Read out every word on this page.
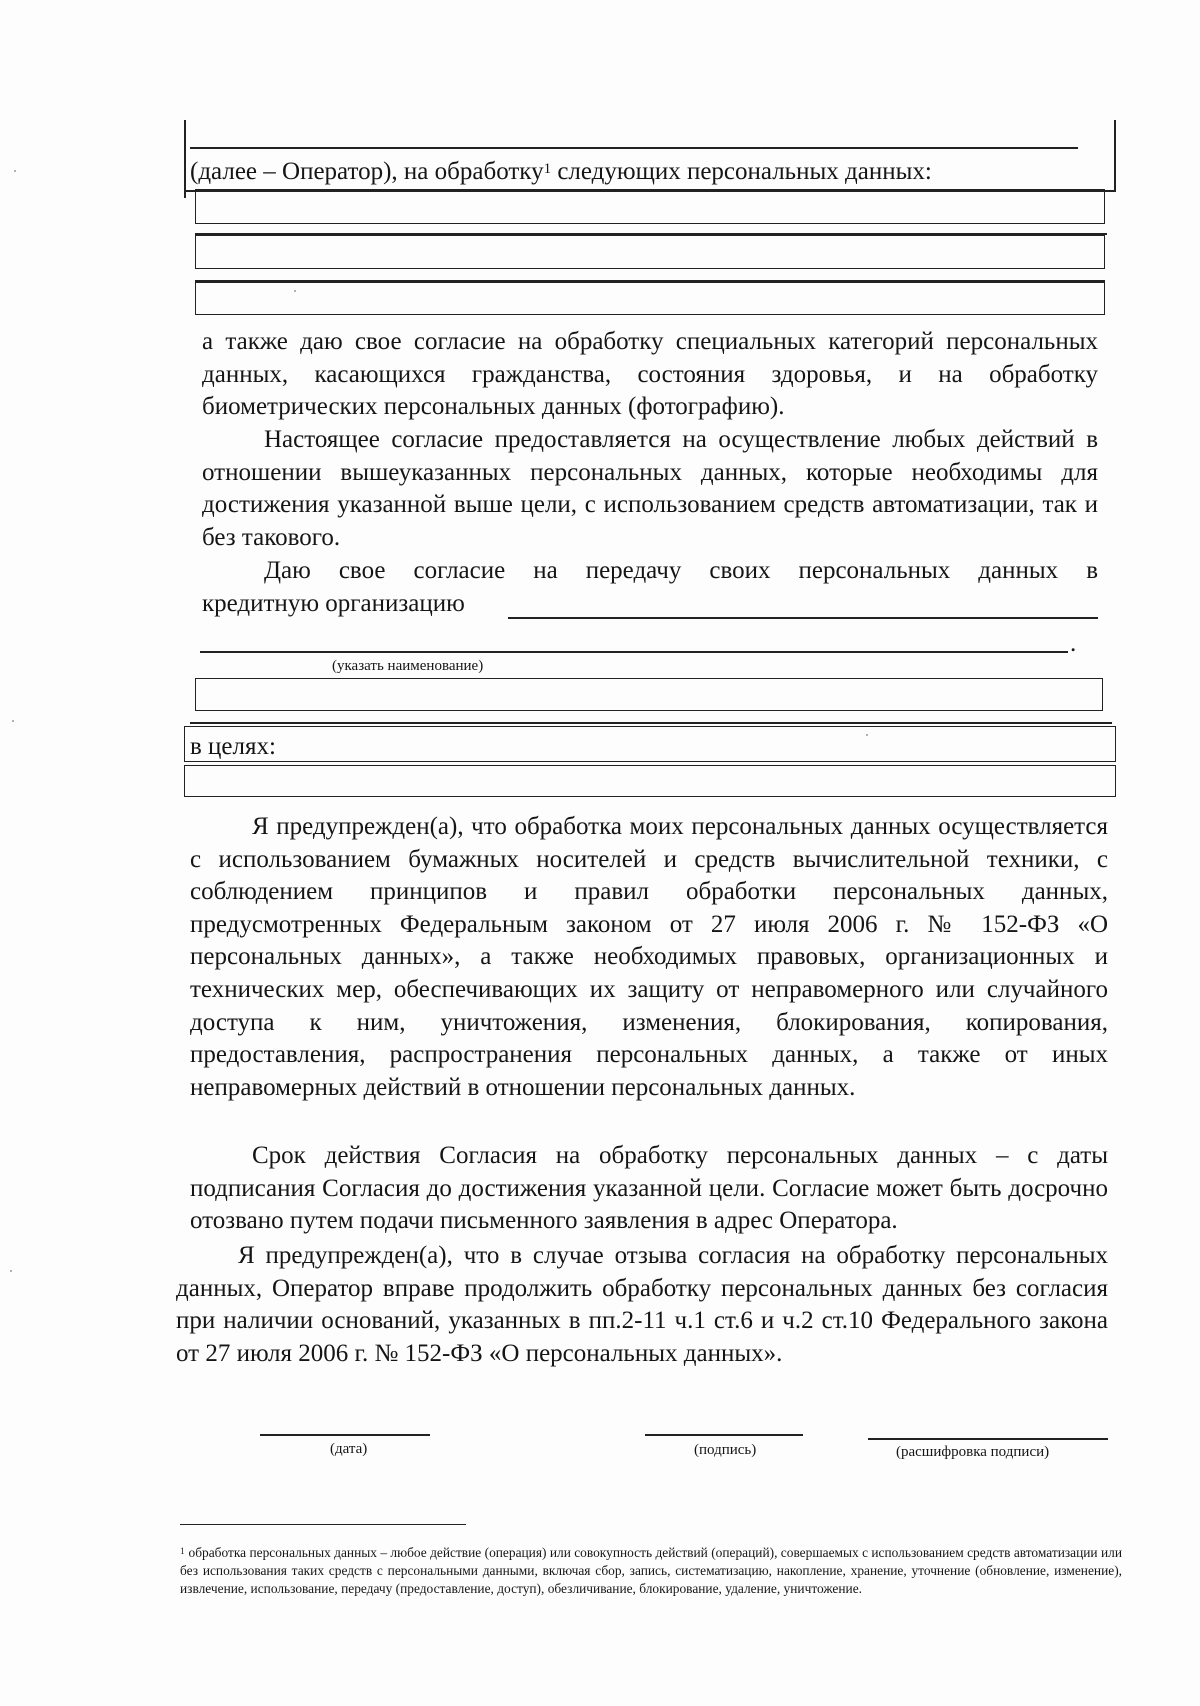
(далее – Оператор), на обработку$^1$ следующих персональных данных:
а также даю свое согласие на обработку специальных категорий персональных данных, касающихся гражданства, состояния здоровья, и на обработку биометрических персональных данных (фотографию).
Настоящее согласие предоставляется на осуществление любых действий в отношении вышеуказанных персональных данных, которые необходимы для достижения указанной выше цели, с использованием средств автоматизации, так и без такового.
Даю свое согласие на передачу своих персональных данных в
кредитную организацию
.
(указать наименование)
в целях:
Я предупрежден(а), что обработка моих персональных данных осуществляется с использованием бумажных носителей и средств вычислительной техники, с соблюдением принципов и правил обработки персональных данных, предусмотренных Федеральным законом от 27 июля 2006 г. № 152-ФЗ «О персональных данных», а также необходимых правовых, организационных и технических мер, обеспечивающих их защиту от неправомерного или случайного доступа к ним, уничтожения, изменения, блокирования, копирования, предоставления, распространения персональных данных, а также от иных неправомерных действий в отношении персональных данных.
Срок действия Согласия на обработку персональных данных – с даты подписания Согласия до достижения указанной цели. Согласие может быть досрочно отозвано путем подачи письменного заявления в адрес Оператора.
Я предупрежден(а), что в случае отзыва согласия на обработку персональных данных, Оператор вправе продолжить обработку персональных данных без согласия при наличии оснований, указанных в пп.2-11 ч.1 ст.6 и ч.2 ст.10 Федерального закона от 27 июля 2006 г. № 152-ФЗ «О персональных данных».
(дата)	(подпись)	(расшифровка подписи)
$^1$ обработка персональных данных – любое действие (операция) или совокупность действий (операций), совершаемых с использованием средств автоматизации или без использования таких средств с персональными данными, включая сбор, запись, систематизацию, накопление, хранение, уточнение (обновление, изменение), извлечение, использование, передачу (предоставление, доступ), обезличивание, блокирование, удаление, уничтожение.
